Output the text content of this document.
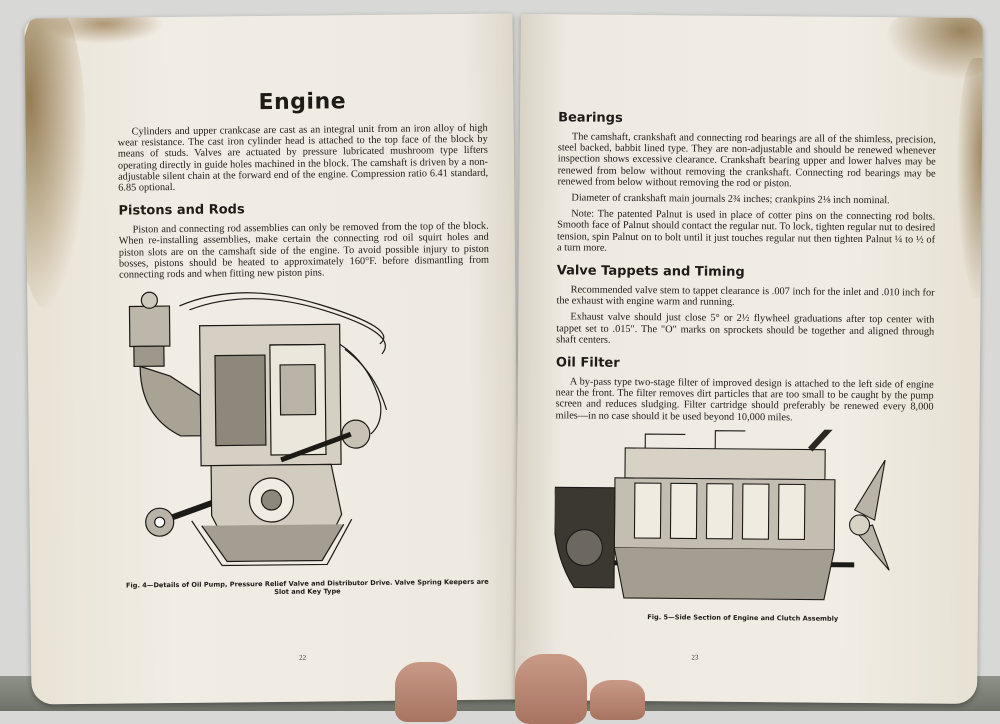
Engine

Cylinders and upper crankcase are cast as an integral unit from an iron alloy of high wear resistance. The cast iron cylinder head is attached to the top face of the block by means of studs. Valves are actuated by pressure lubricated mushroom type lifters operating directly in guide holes machined in the block. The camshaft is driven by a non-adjustable silent chain at the forward end of the engine. Compression ratio 6.41 standard, 6.85 optional.

Pistons and Rods

Piston and connecting rod assemblies can only be removed from the top of the block. When re-installing assemblies, make certain the connecting rod oil squirt holes and piston slots are on the camshaft side of the engine. To avoid possible injury to piston bosses, pistons should be heated to approximately 160°F. before dismantling from connecting rods and when fitting new piston pins.

Fig. 4—Details of Oil Pump, Pressure Relief Valve and Distributor Drive. Valve Spring Keepers are Slot and Key Type

22
Bearings

The camshaft, crankshaft and connecting rod bearings are all of the shimless, precision, steel backed, babbit lined type. They are non-adjustable and should be renewed whenever inspection shows excessive clearance. Crankshaft bearing upper and lower halves may be renewed from below without removing the crankshaft. Connecting rod bearings may be renewed from below without removing the rod or piston.

Diameter of crankshaft main journals 2¾ inches; crankpins 2⅛ inch nominal.

Note: The patented Palnut is used in place of cotter pins on the connecting rod bolts. Smooth face of Palnut should contact the regular nut. To lock, tighten regular nut to desired tension, spin Palnut on to bolt until it just touches regular nut then tighten Palnut ¼ to ½ of a turn more.

Valve Tappets and Timing

Recommended valve stem to tappet clearance is .007 inch for the inlet and .010 inch for the exhaust with engine warm and running.

Exhaust valve should just close 5° or 2½ flywheel graduations after top center with tappet set to .015". The "O" marks on sprockets should be together and aligned through shaft centers.

Oil Filter

A by-pass type two-stage filter of improved design is attached to the left side of engine near the front. The filter removes dirt particles that are too small to be caught by the pump screen and reduces sludging. Filter cartridge should preferably be renewed every 8,000 miles—in no case should it be used beyond 10,000 miles.

Fig. 5—Side Section of Engine and Clutch Assembly

23
